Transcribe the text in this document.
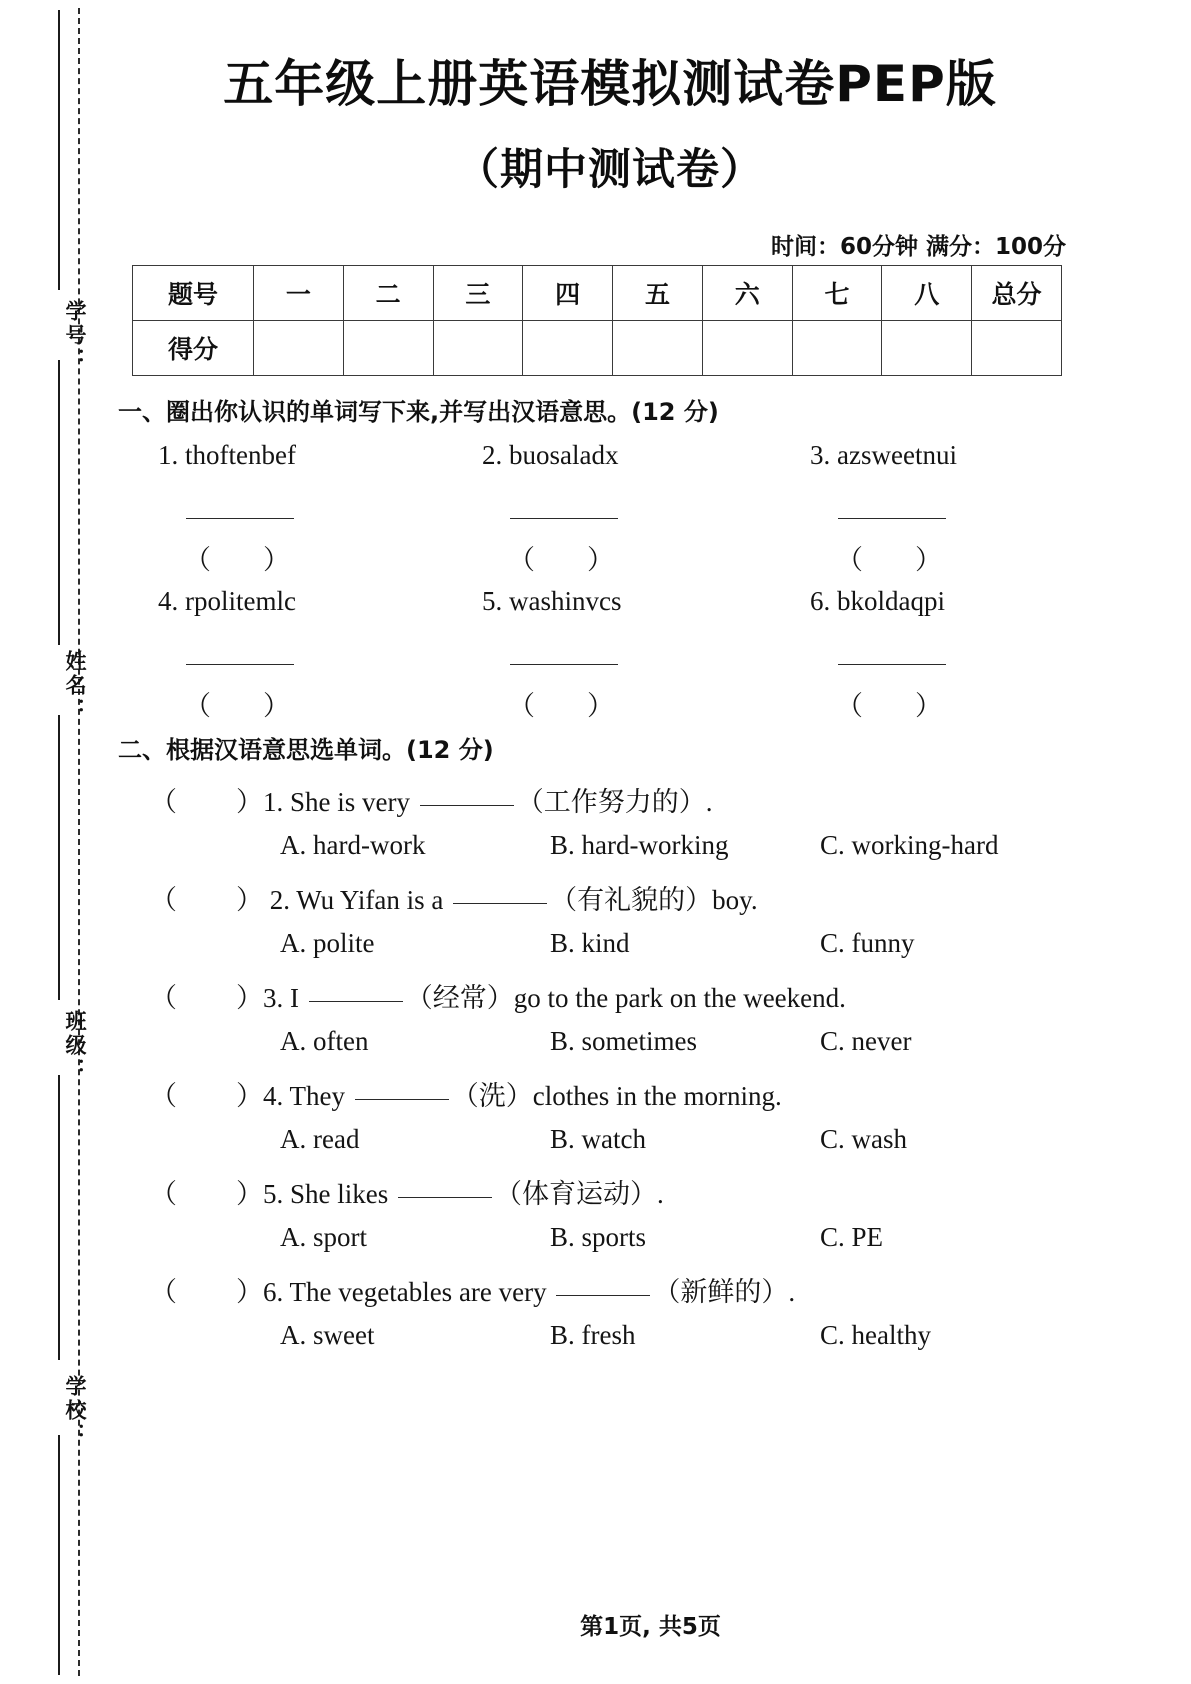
学号：
姓名：
班级：
学校：
五年级上册英语模拟测试卷PEP版
（期中测试卷）
时间：60分钟 满分：100分
题号	一	二	三	四	五	六	七	八	总分
得分									
一、圈出你认识的单词写下来,并写出汉语意思。(12 分)
1. thoftenbef	2. buosaladx	3. azsweetnui
（ ）	（ ）	（ ）
4. rpolitemlc	5. washinvcs	6. bkoldaqpi
（ ）	（ ）	（ ）
二、根据汉语意思选单词。(12 分)
（ ）1. She is very	（工作努力的）.
A. hard-work	B. hard-working	C. working-hard
（ ） 2. Wu Yifan is a	（有礼貌的）boy.
A. polite	B. kind	C. funny
（ ）3. I	（经常）go to the park on the weekend.
A. often	B. sometimes	C. never
（ ）4. They	（洗）clothes in the morning.
A. read	B. watch	C. wash
（ ）5. She likes	（体育运动）.
A. sport	B. sports	C. PE
（ ）6. The vegetables are very	（新鲜的）.
A. sweet	B. fresh	C. healthy
第1页, 共5页
